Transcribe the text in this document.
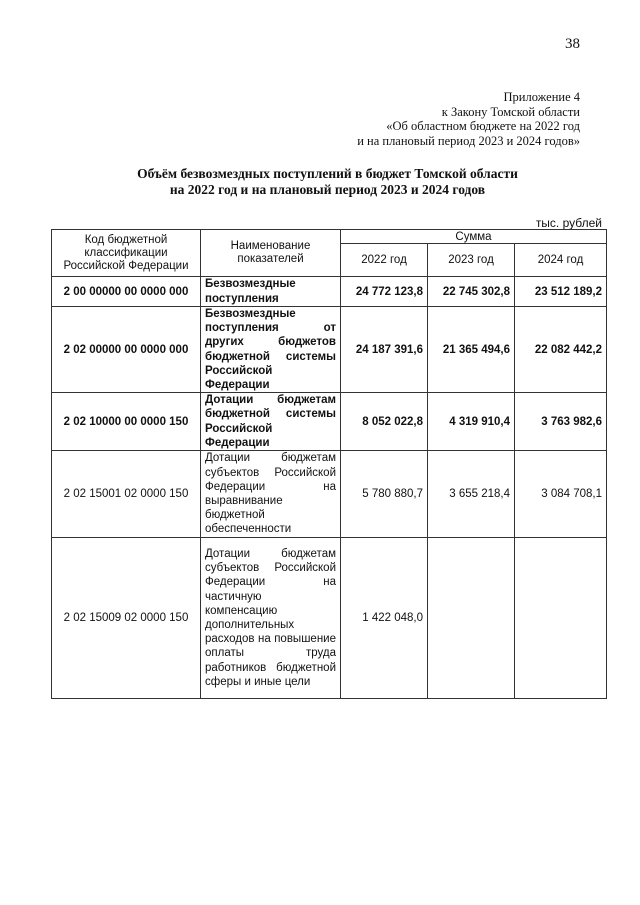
38
Приложение 4
к Закону Томской области
«Об областном бюджете на 2022 год
и на плановый период 2023 и 2024 годов»
Объём безвозмездных поступлений в бюджет Томской области
на 2022 год и на плановый период 2023 и 2024 годов
тыс. рублей
Код бюджетной классификации Российской Федерации	Наименование показателей	Сумма		
		2022 год	2023 год	2024 год
2 00 00000 00 0000 000	Безвозмездные поступления	24 772 123,8	22 745 302,8	23 512 189,2
2 02 00000 00 0000 000	Безвозмездные поступления от других бюджетов бюджетной системы Российской Федерации	24 187 391,6	21 365 494,6	22 082 442,2
2 02 10000 00 0000 150	Дотации бюджетам бюджетной системы Российской Федерации	8 052 022,8	4 319 910,4	3 763 982,6
2 02 15001 02 0000 150	Дотации бюджетам субъектов Российской Федерации на выравнивание бюджетной обеспеченности	5 780 880,7	3 655 218,4	3 084 708,1
2 02 15009 02 0000 150	Дотации бюджетам субъектов Российской Федерации на частичную компенсацию дополнительных расходов на повышение оплаты труда работников бюджетной сферы и иные цели	1 422 048,0		
